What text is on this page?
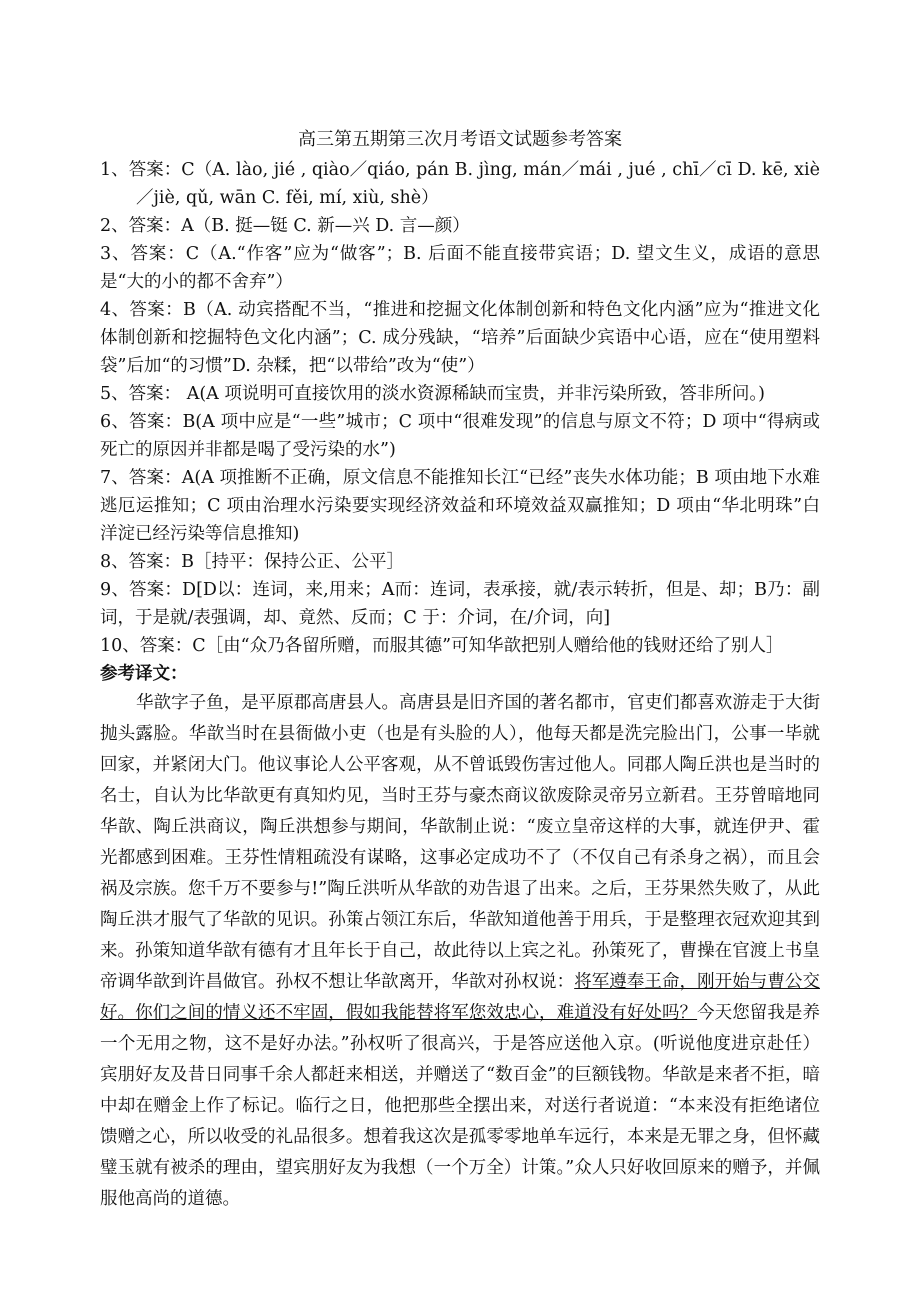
高三第五期第三次月考语文试题参考答案

1、答案：C（A. lào, jié , qiào／qiáo, pán B. jìng, mán／mái , jué , chī／cī D. kē, xiè／jiè, qǔ, wān C. fěi, mí, xiù, shè）

2、答案：A（B. 挺—铤 C. 新—兴 D. 言—颜）

3、答案：C（A.“作客”应为“做客”；B. 后面不能直接带宾语；D. 望文生义，成语的意思是“大的小的都不舍弃”）

4、答案：B（A. 动宾搭配不当，“推进和挖掘文化体制创新和特色文化内涵”应为“推进文化体制创新和挖掘特色文化内涵”；C. 成分残缺，“培养”后面缺少宾语中心语，应在“使用塑料袋”后加“的习惯”D. 杂糅，把“以带给”改为“使”）

5、答案： A(A 项说明可直接饮用的淡水资源稀缺而宝贵，并非污染所致，答非所问。)

6、答案：B(A 项中应是“一些”城市；C 项中“很难发现”的信息与原文不符；D 项中“得病或死亡的原因并非都是喝了受污染的水”)

7、答案：A(A 项推断不正确，原文信息不能推知长江“已经”丧失水体功能；B 项由地下水难逃厄运推知；C 项由治理水污染要实现经济效益和环境效益双赢推知；D 项由“华北明珠”白洋淀已经污染等信息推知)

8、答案：B［持平：保持公正、公平］

9、答案：D[D以：连词，来,用来；A而：连词，表承接，就/表示转折，但是、却；B乃：副词，于是就/表强调，却、竟然、反而；C 于：介词，在/介词，向]

10、答案：C［由“众乃各留所赠，而服其德”可知华歆把别人赠给他的钱财还给了别人］

参考译文：

华歆字子鱼，是平原郡高唐县人。高唐县是旧齐国的著名都市，官吏们都喜欢游走于大街抛头露脸。华歆当时在县衙做小吏（也是有头脸的人），他每天都是洗完脸出门，公事一毕就回家，并紧闭大门。他议事论人公平客观，从不曾诋毁伤害过他人。同郡人陶丘洪也是当时的名士，自认为比华歆更有真知灼见，当时王芬与豪杰商议欲废除灵帝另立新君。王芬曾暗地同华歆、陶丘洪商议，陶丘洪想参与期间，华歆制止说：“废立皇帝这样的大事，就连伊尹、霍光都感到困难。王芬性情粗疏没有谋略，这事必定成功不了（不仅自己有杀身之祸），而且会祸及宗族。您千万不要参与!”陶丘洪听从华歆的劝告退了出来。之后，王芬果然失败了，从此陶丘洪才服气了华歆的见识。孙策占领江东后，华歆知道他善于用兵，于是整理衣冠欢迎其到来。孙策知道华歆有德有才且年长于自己，故此待以上宾之礼。孙策死了，曹操在官渡上书皇帝调华歆到许昌做官。孙权不想让华歆离开，华歆对孙权说：将军遵奉王命，刚开始与曹公交好。你们之间的情义还不牢固，假如我能替将军您效忠心，难道没有好处吗？今天您留我是养一个无用之物，这不是好办法。”孙权听了很高兴，于是答应送他入京。(听说他度进京赴任）宾朋好友及昔日同事千余人都赶来相送，并赠送了“数百金”的巨额钱物。华歆是来者不拒，暗中却在赠金上作了标记。临行之日，他把那些全摆出来，对送行者说道：“本来没有拒绝诸位馈赠之心，所以收受的礼品很多。想着我这次是孤零零地单车远行，本来是无罪之身，但怀藏璧玉就有被杀的理由，望宾朋好友为我想（一个万全）计策。”众人只好收回原来的赠予，并佩服他高尚的道德。
